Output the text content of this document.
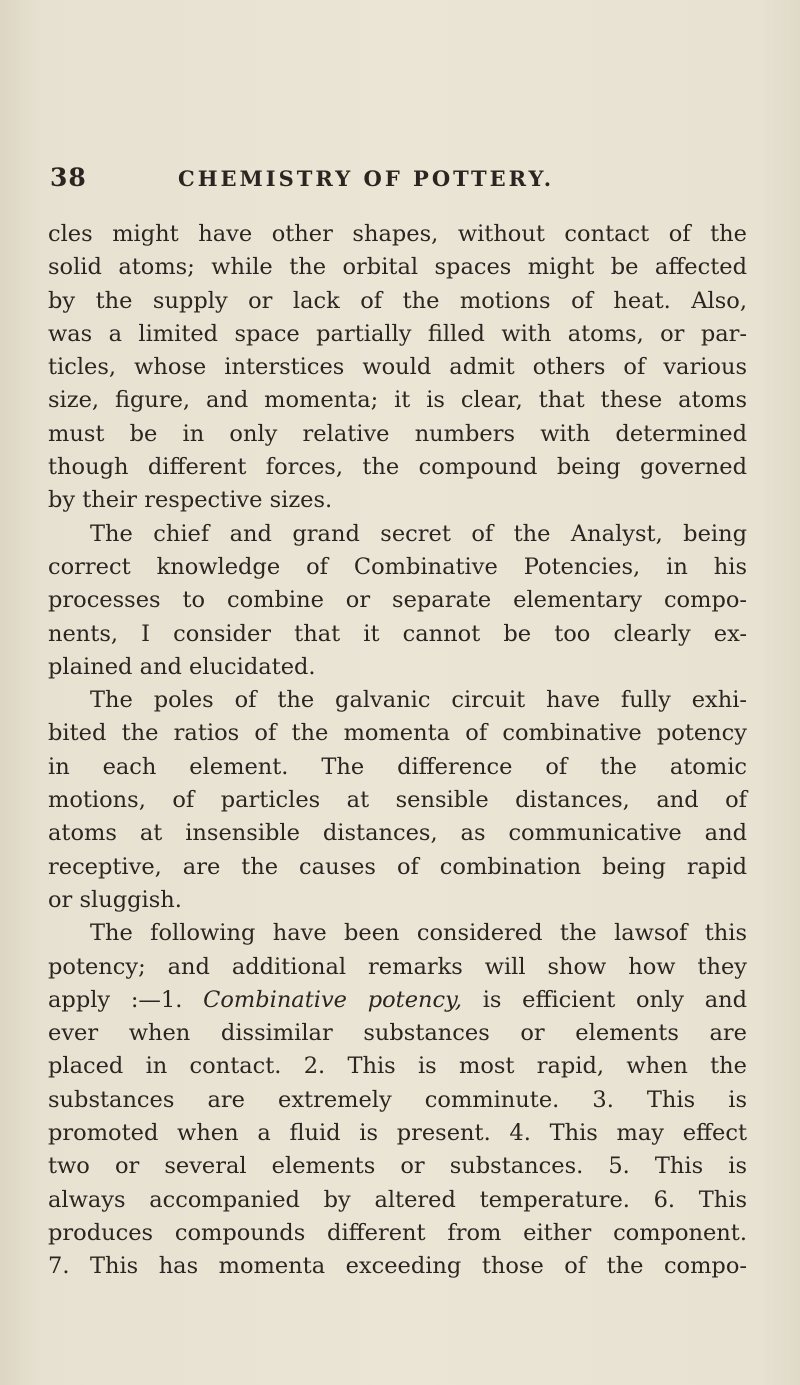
38	CHEMISTRY OF POTTERY.
cles might have other shapes, without contact of the
solid atoms; while the orbital spaces might be affected
by the supply or lack of the motions of heat. Also,
was a limited space partially filled with atoms, or par-
ticles, whose interstices would admit others of various
size, figure, and momenta; it is clear, that these atoms
must be in only relative numbers with determined
though different forces, the compound being governed
by their respective sizes.
The chief and grand secret of the Analyst, being
correct knowledge of Combinative Potencies, in his
processes to combine or separate elementary compo-
nents, I consider that it cannot be too clearly ex-
plained and elucidated.
The poles of the galvanic circuit have fully exhi-
bited the ratios of the momenta of combinative potency
in each element. The difference of the atomic
motions, of particles at sensible distances, and of
atoms at insensible distances, as communicative and
receptive, are the causes of combination being rapid
or sluggish.
The following have been considered the lawsof this
potency; and additional remarks will show how they
apply :—1. Combinative potency, is efficient only and
ever when dissimilar substances or elements are
placed in contact. 2. This is most rapid, when the
substances are extremely comminute. 3. This is
promoted when a fluid is present. 4. This may effect
two or several elements or substances. 5. This is
always accompanied by altered temperature. 6. This
produces compounds different from either component.
7. This has momenta exceeding those of the compo-
